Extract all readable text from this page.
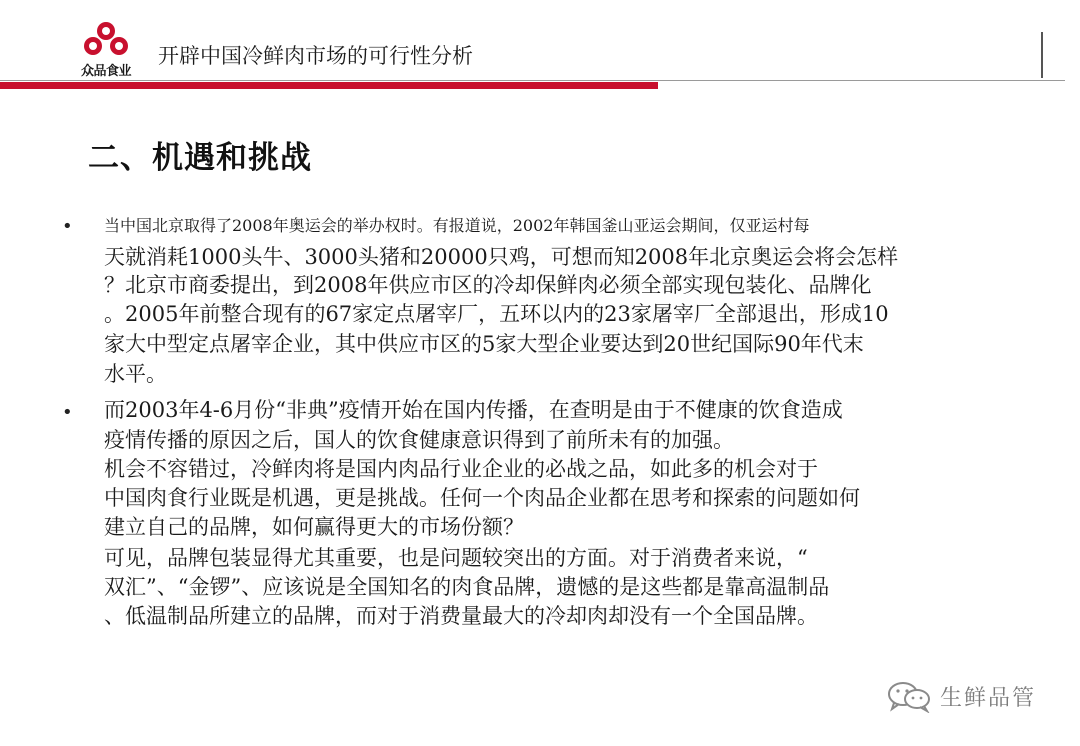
众品食业
开辟中国冷鲜肉市场的可行性分析
二、机遇和挑战
• 当中国北京取得了2008年奥运会的举办权时。有报道说，2002年韩国釜山亚运会期间，仅亚运村每
天就消耗1000头牛、3000头猪和20000只鸡，可想而知2008年北京奥运会将会怎样
？北京市商委提出，到2008年供应市区的冷却保鲜肉必须全部实现包装化、品牌化
。2005年前整合现有的67家定点屠宰厂，五环以内的23家屠宰厂全部退出，形成10
家大中型定点屠宰企业，其中供应市区的5家大型企业要达到20世纪国际90年代末
水平。
• 而2003年4-6月份“非典”疫情开始在国内传播，在查明是由于不健康的饮食造成
疫情传播的原因之后，国人的饮食健康意识得到了前所未有的加强。
机会不容错过，冷鲜肉将是国内肉品行业企业的必战之品，如此多的机会对于
中国肉食行业既是机遇，更是挑战。任何一个肉品企业都在思考和探索的问题如何
建立自己的品牌，如何赢得更大的市场份额？
可见，品牌包装显得尤其重要，也是问题较突出的方面。对于消费者来说，“
双汇”、“金锣”、应该说是全国知名的肉食品牌，遗憾的是这些都是靠高温制品
、低温制品所建立的品牌，而对于消费量最大的冷却肉却没有一个全国品牌。
生鲜品管
